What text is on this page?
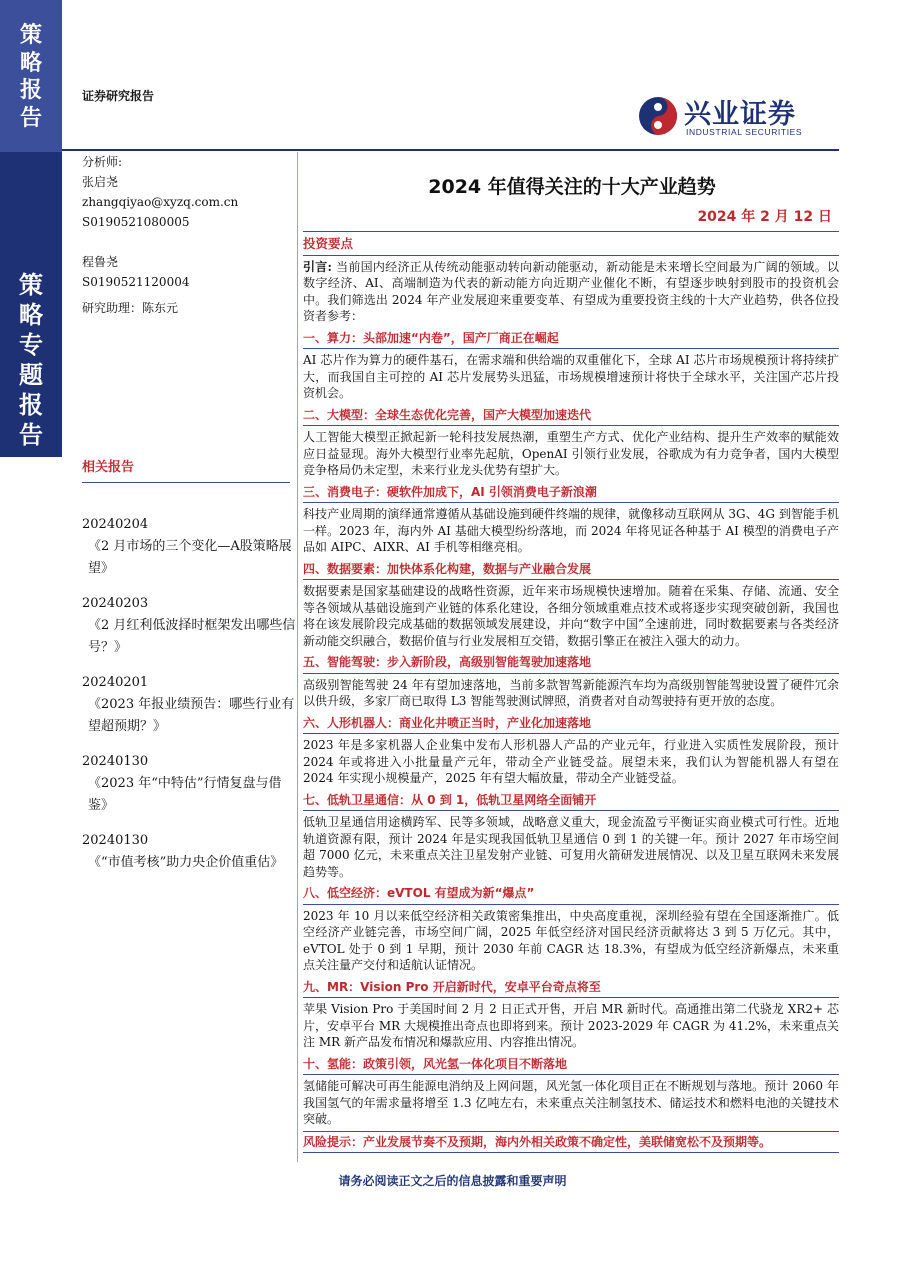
策
略
报
告
策
略
专
题
报
告
证券研究报告
兴业证券
INDUSTRIAL SECURITIES
分析师:
张启尧
zhangqiyao@xyzq.com.cn
S0190521080005
程鲁尧
S0190521120004
研究助理：陈东元
相关报告
20240204
《2 月市场的三个变化—A股策略展望》
20240203
《2 月红利低波择时框架发出哪些信号？》
20240201
《2023 年报业绩预告：哪些行业有望超预期？》
20240130
《2023 年“中特估”行情复盘与借鉴》
20240130
《“市值考核”助力央企价值重估》
2024 年值得关注的十大产业趋势
2024 年 2 月 12 日
投资要点
引言: 当前国内经济正从传统动能驱动转向新动能驱动，新动能是未来增长空间最为广阔的领域。以数字经济、AI、高端制造为代表的新动能方向近期产业催化不断，有望逐步映射到股市的投资机会中。我们筛选出 2024 年产业发展迎来重要变革、有望成为重要投资主线的十大产业趋势，供各位投资者参考：
一、算力：头部加速“内卷”，国产厂商正在崛起
AI 芯片作为算力的硬件基石，在需求端和供给端的双重催化下，全球 AI 芯片市场规模预计将持续扩大，而我国自主可控的 AI 芯片发展势头迅猛，市场规模增速预计将快于全球水平，关注国产芯片投资机会。
二、大模型：全球生态优化完善，国产大模型加速迭代
人工智能大模型正掀起新一轮科技发展热潮，重塑生产方式、优化产业结构、提升生产效率的赋能效应日益显现。海外大模型行业率先起航，OpenAI 引领行业发展，谷歌成为有力竞争者，国内大模型竞争格局仍未定型，未来行业龙头优势有望扩大。
三、消费电子：硬软件加成下，AI 引领消费电子新浪潮
科技产业周期的演绎通常遵循从基础设施到硬件终端的规律，就像移动互联网从 3G、4G 到智能手机一样。2023 年，海内外 AI 基础大模型纷纷落地，而 2024 年将见证各种基于 AI 模型的消费电子产品如 AIPC、AIXR、AI 手机等相继亮相。
四、数据要素：加快体系化构建，数据与产业融合发展
数据要素是国家基础建设的战略性资源，近年来市场规模快速增加。随着在采集、存储、流通、安全等各领域从基础设施到产业链的体系化建设，各细分领域重难点技术或将逐步实现突破创新，我国也将在该发展阶段完成基础的数据领域发展建设，并向“数字中国”全速前进，同时数据要素与各类经济新动能交织融合，数据价值与行业发展相互交错，数据引擎正在被注入强大的动力。
五、智能驾驶：步入新阶段，高级别智能驾驶加速落地
高级别智能驾驶 24 年有望加速落地，当前多款智驾新能源汽车均为高级别智能驾驶设置了硬件冗余以供升级，多家厂商已取得 L3 智能驾驶测试牌照，消费者对自动驾驶持有更开放的态度。
六、人形机器人：商业化井喷正当时，产业化加速落地
2023 年是多家机器人企业集中发布人形机器人产品的产业元年，行业进入实质性发展阶段，预计 2024 年或将进入小批量量产元年，带动全产业链受益。展望未来，我们认为智能机器人有望在 2024 年实现小规模量产，2025 年有望大幅放量，带动全产业链受益。
七、低轨卫星通信：从 0 到 1，低轨卫星网络全面铺开
低轨卫星通信用途横跨军、民等多领域，战略意义重大，现金流盈亏平衡证实商业模式可行性。近地轨道资源有限，预计 2024 年是实现我国低轨卫星通信 0 到 1 的关键一年。预计 2027 年市场空间超 7000 亿元，未来重点关注卫星发射产业链、可复用火箭研发进展情况、以及卫星互联网未来发展趋势等。
八、低空经济：eVTOL 有望成为新“爆点”
2023 年 10 月以来低空经济相关政策密集推出，中央高度重视，深圳经验有望在全国逐渐推广。低空经济产业链完善，市场空间广阔，2025 年低空经济对国民经济贡献将达 3 到 5 万亿元。其中，eVTOL 处于 0 到 1 早期，预计 2030 年前 CAGR 达 18.3%，有望成为低空经济新爆点，未来重点关注量产交付和适航认证情况。
九、MR：Vision Pro 开启新时代，安卓平台奇点将至
苹果 Vision Pro 于美国时间 2 月 2 日正式开售，开启 MR 新时代。高通推出第二代骁龙 XR2+ 芯片，安卓平台 MR 大规模推出奇点也即将到来。预计 2023-2029 年 CAGR 为 41.2%，未来重点关注 MR 新产品发布情况和爆款应用、内容推出情况。
十、氢能：政策引领，风光氢一体化项目不断落地
氢储能可解决可再生能源电消纳及上网问题，风光氢一体化项目正在不断规划与落地。预计 2060 年我国氢气的年需求量将增至 1.3 亿吨左右，未来重点关注制氢技术、储运技术和燃料电池的关键技术突破。
风险提示：产业发展节奏不及预期，海内外相关政策不确定性，美联储宽松不及预期等。
请务必阅读正文之后的信息披露和重要声明
